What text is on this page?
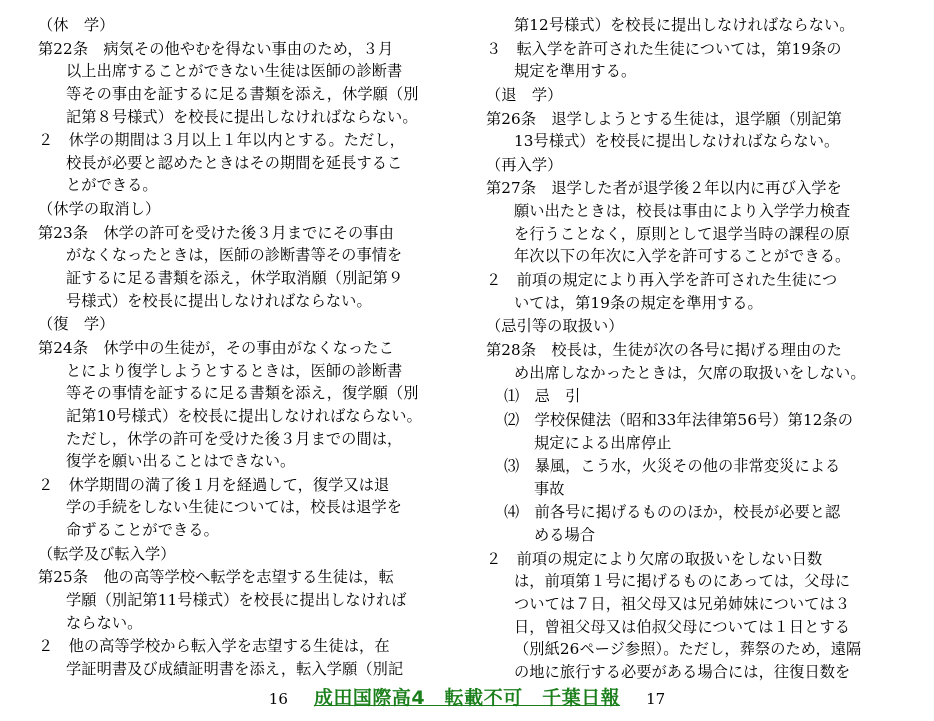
（休　学）
第22条　病気その他やむを得ない事由のため，３月
以上出席することができない生徒は医師の診断書
等その事由を証するに足る書類を添え，休学願（別
記第８号様式）を校長に提出しなければならない。
２　休学の期間は３月以上１年以内とする。ただし，
校長が必要と認めたときはその期間を延長するこ
とができる。
（休学の取消し）
第23条　休学の許可を受けた後３月までにその事由
がなくなったときは，医師の診断書等その事情を
証するに足る書類を添え，休学取消願（別記第９
号様式）を校長に提出しなければならない。
（復　学）
第24条　休学中の生徒が，その事由がなくなったこ
とにより復学しようとするときは，医師の診断書
等その事情を証するに足る書類を添え，復学願（別
記第10号様式）を校長に提出しなければならない。
ただし，休学の許可を受けた後３月までの間は，
復学を願い出ることはできない。
２　休学期間の満了後１月を経過して，復学又は退
学の手続をしない生徒については，校長は退学を
命ずることができる。
（転学及び転入学）
第25条　他の高等学校へ転学を志望する生徒は，転
学願（別記第11号様式）を校長に提出しなければ
ならない。
２　他の高等学校から転入学を志望する生徒は，在
学証明書及び成績証明書を添え，転入学願（別記
第12号様式）を校長に提出しなければならない。
３　転入学を許可された生徒については，第19条の
規定を準用する。
（退　学）
第26条　退学しようとする生徒は，退学願（別記第
13号様式）を校長に提出しなければならない。
（再入学）
第27条　退学した者が退学後２年以内に再び入学を
願い出たときは，校長は事由により入学学力検査
を行うことなく，原則として退学当時の課程の原
年次以下の年次に入学を許可することができる。
２　前項の規定により再入学を許可された生徒につ
いては，第19条の規定を準用する。
（忌引等の取扱い）
第28条　校長は，生徒が次の各号に掲げる理由のた
め出席しなかったときは，欠席の取扱いをしない。
⑴　忌　引
⑵　学校保健法（昭和33年法律第56号）第12条の
規定による出席停止
⑶　暴風，こう水，火災その他の非常変災による
事故
⑷　前各号に掲げるもののほか，校長が必要と認
める場合
２　前項の規定により欠席の取扱いをしない日数
は，前項第１号に掲げるものにあっては，父母に
ついては７日，祖父母又は兄弟姉妹については３
日，曾祖父母又は伯叔父母については１日とする
（別紙26ページ参照）。ただし，葬祭のため，遠隔
の地に旅行する必要がある場合には，往復日数を
16 成田国際高4　転載不可　千葉日報 17
